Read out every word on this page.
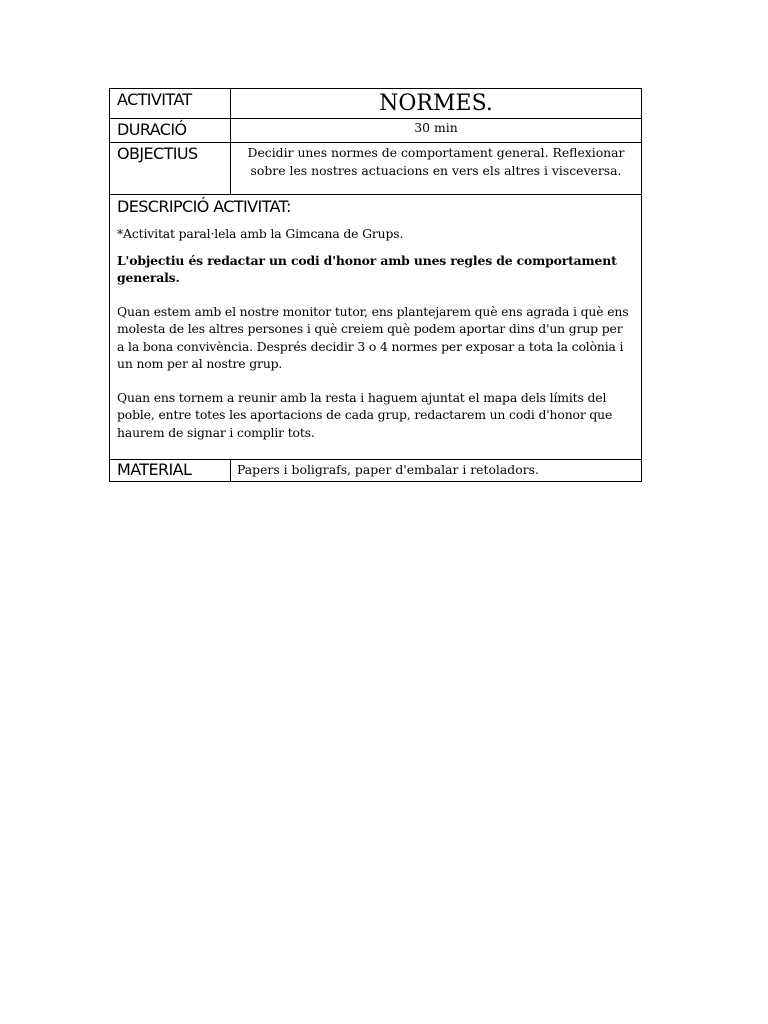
ACTIVITAT	NORMES.
DURACIÓ	30 min
OBJECTIUS	Decidir unes normes de comportament general. Reflexionar sobre les nostres actuacions en vers els altres i visceversa.
DESCRIPCIÓ ACTIVITAT:

*Activitat paral·lela amb la Gimcana de Grups.

L'objectiu és redactar un codi d'honor amb unes regles de comportament generals.

Quan estem amb el nostre monitor tutor, ens plantejarem què ens agrada i què ens molesta de les altres persones i què creiem què podem aportar dins d'un grup per a la bona convivència. Després decidir 3 o 4 normes per exposar a tota la colònia i un nom per al nostre grup.

Quan ens tornem a reunir amb la resta i haguem ajuntat el mapa dels límits del poble, entre totes les aportacions de cada grup, redactarem un codi d'honor que haurem de signar i complir tots.

MATERIAL	Papers i boligrafs, paper d'embalar i retoladors.
